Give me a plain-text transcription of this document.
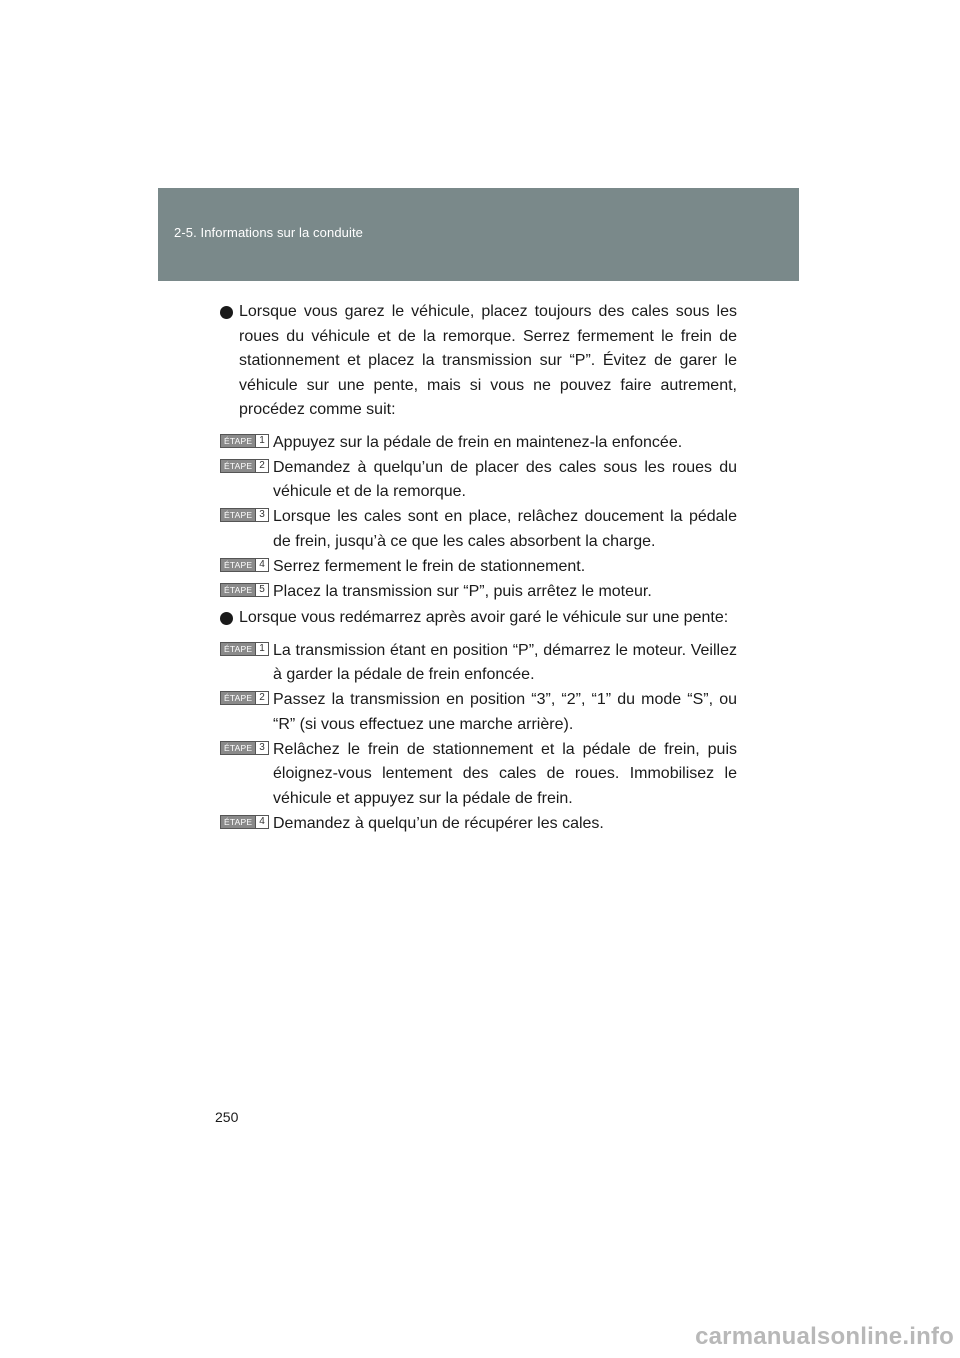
2-5. Informations sur la conduite
Lorsque vous garez le véhicule, placez toujours des cales sous les roues du véhicule et de la remorque. Serrez fermement le frein de stationnement et placez la transmission sur “P”. Évitez de garer le véhicule sur une pente, mais si vous ne pouvez faire autrement, procédez comme suit:
ÉTAPE 1 Appuyez sur la pédale de frein en maintenez-la enfoncée.
ÉTAPE 2 Demandez à quelqu’un de placer des cales sous les roues du véhicule et de la remorque.
ÉTAPE 3 Lorsque les cales sont en place, relâchez doucement la pédale de frein, jusqu’à ce que les cales absorbent la charge.
ÉTAPE 4 Serrez fermement le frein de stationnement.
ÉTAPE 5 Placez la transmission sur “P”, puis arrêtez le moteur.
Lorsque vous redémarrez après avoir garé le véhicule sur une pente:
ÉTAPE 1 La transmission étant en position “P”, démarrez le moteur. Veillez à garder la pédale de frein enfoncée.
ÉTAPE 2 Passez la transmission en position “3”, “2”, “1” du mode “S”, ou “R” (si vous effectuez une marche arrière).
ÉTAPE 3 Relâchez le frein de stationnement et la pédale de frein, puis éloignez-vous lentement des cales de roues. Immobilisez le véhicule et appuyez sur la pédale de frein.
ÉTAPE 4 Demandez à quelqu’un de récupérer les cales.
250
carmanualsonline.info
